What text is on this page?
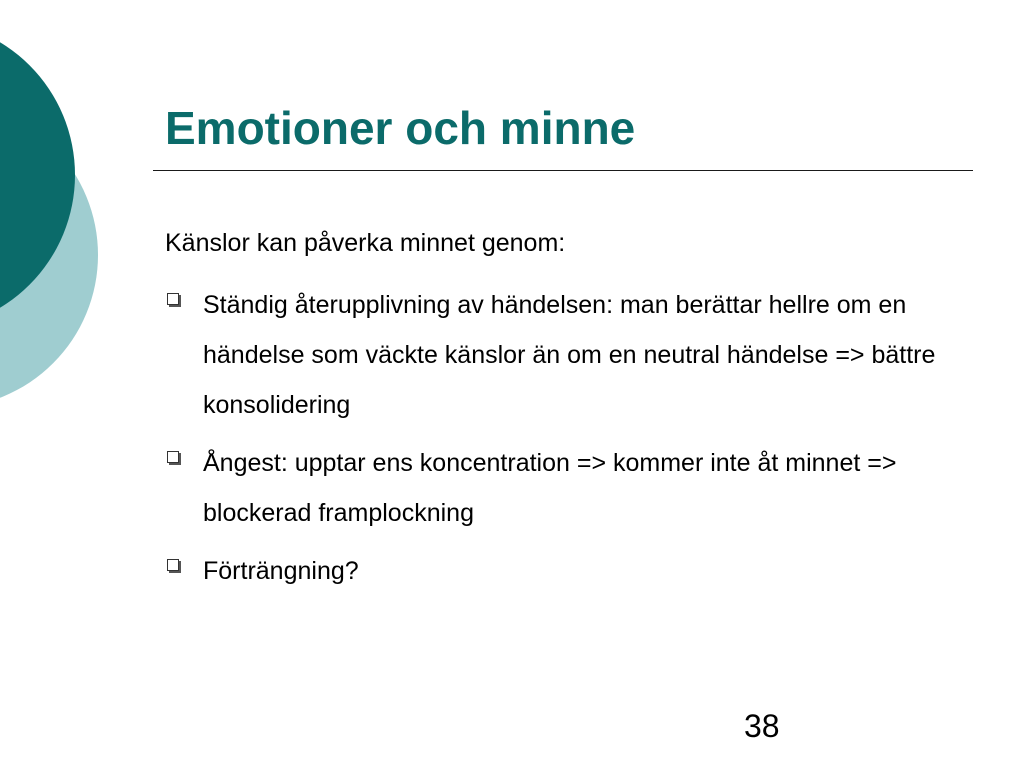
Emotioner och minne

Känslor kan påverka minnet genom:

Ständig återupplivning av händelsen: man berättar hellre om en händelse som väckte känslor än om en neutral händelse => bättre konsolidering
Ångest: upptar ens koncentration => kommer inte åt minnet => blockerad framplockning
Förträngning?

38
